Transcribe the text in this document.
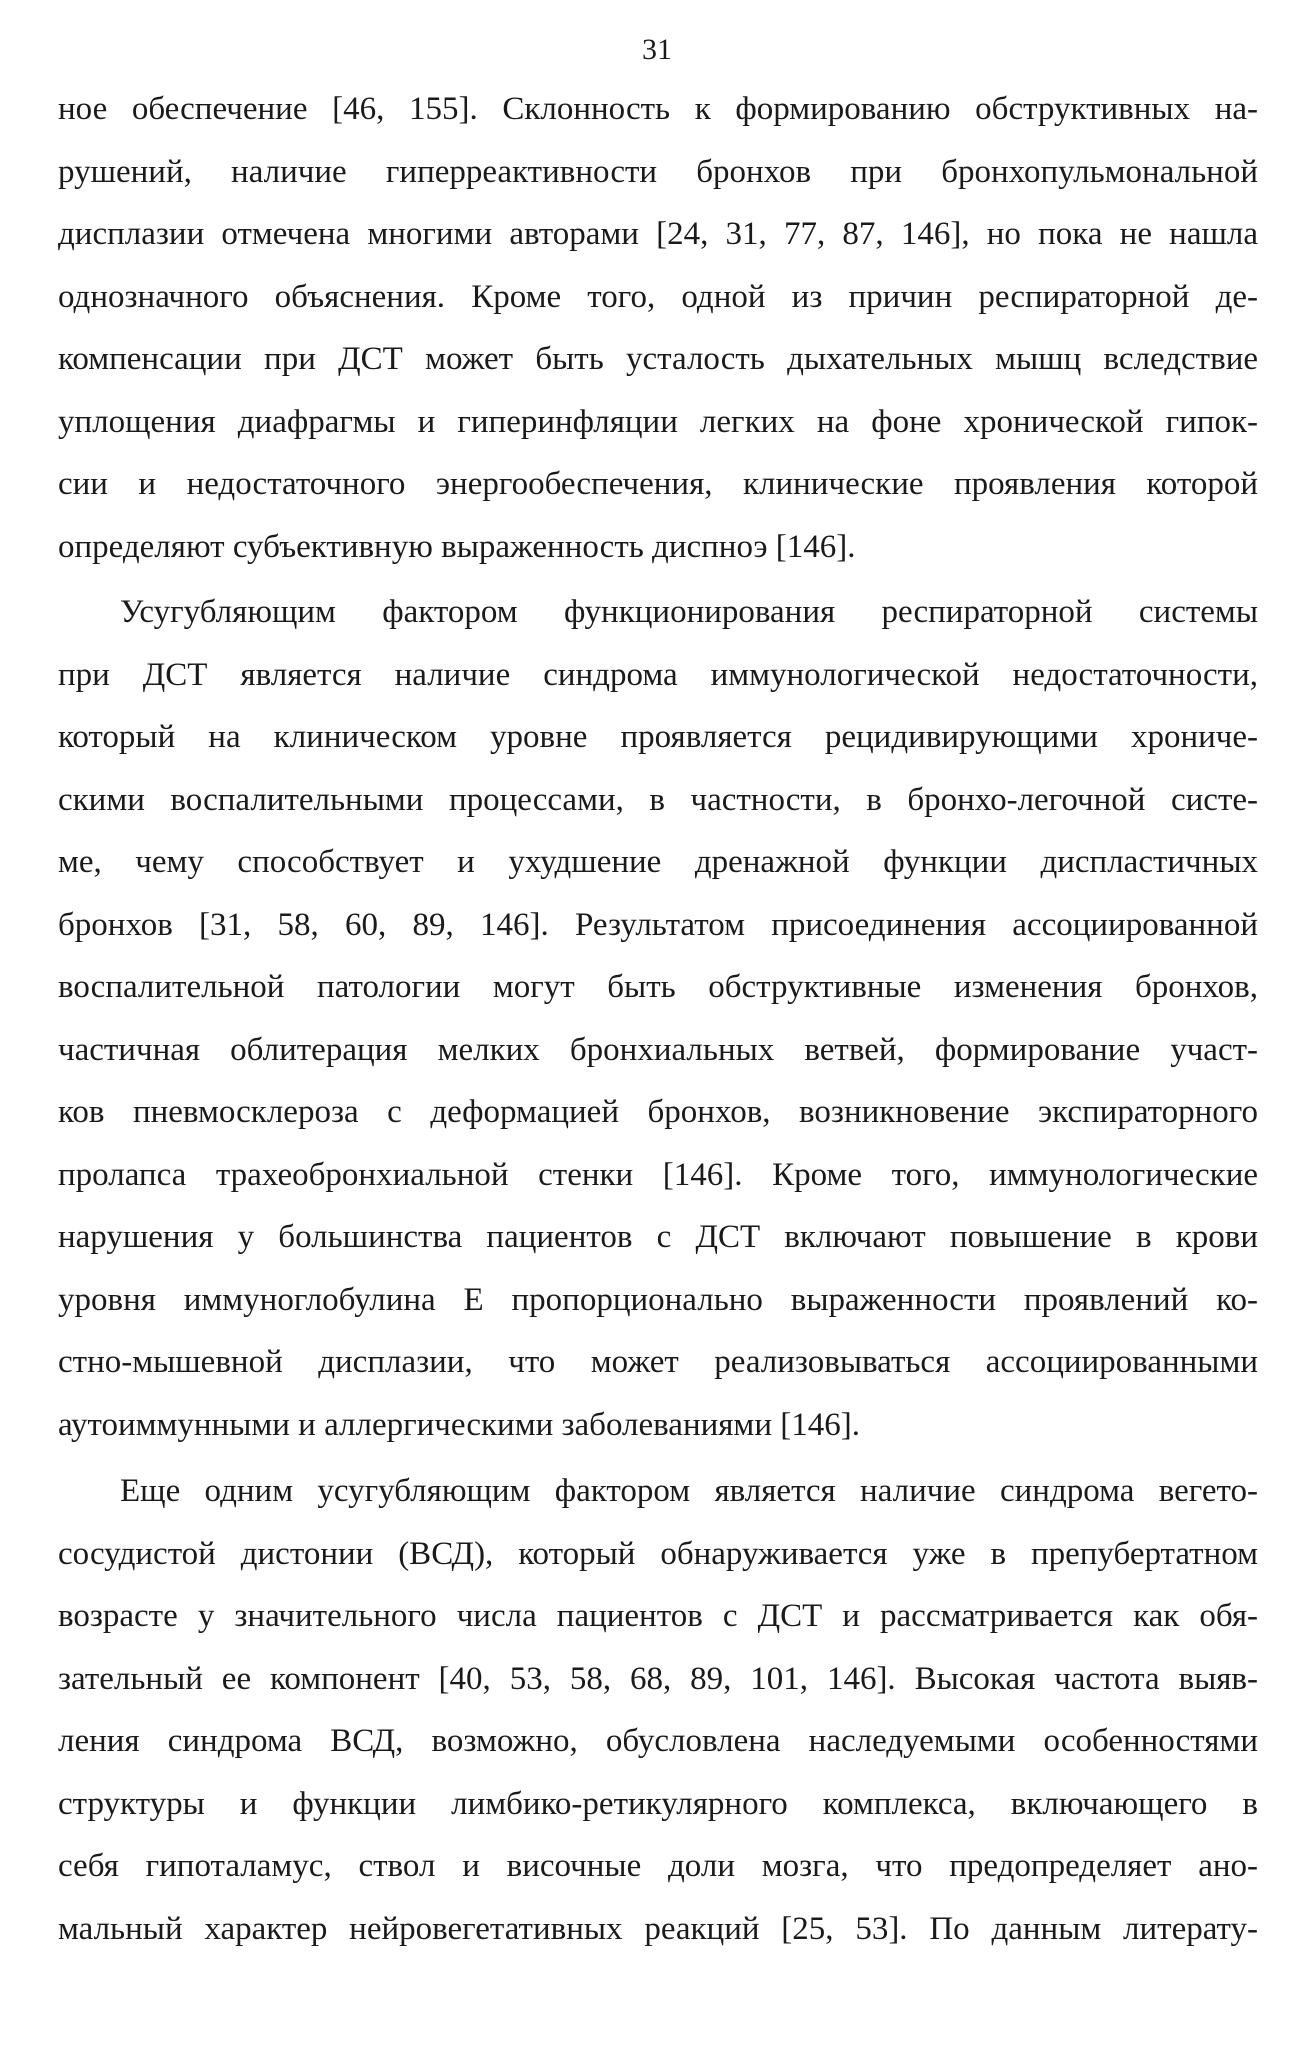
31
ное обеспечение [46, 155]. Склонность к формированию обструктивных на-
рушений, наличие гиперреактивности бронхов при бронхопульмональной
дисплазии отмечена многими авторами [24, 31, 77, 87, 146], но пока не нашла
однозначного объяснения. Кроме того, одной из причин респираторной де-
компенсации при ДСТ может быть усталость дыхательных мышц вследствие
уплощения диафрагмы и гиперинфляции легких на фоне хронической гипок-
сии и недостаточного энергообеспечения, клинические проявления которой
определяют субъективную выраженность диспноэ [146].
Усугубляющим фактором функционирования респираторной системы
при ДСТ является наличие синдрома иммунологической недостаточности,
который на клиническом уровне проявляется рецидивирующими хрониче-
скими воспалительными процессами, в частности, в бронхо-легочной систе-
ме, чему способствует и ухудшение дренажной функции диспластичных
бронхов [31, 58, 60, 89, 146]. Результатом присоединения ассоциированной
воспалительной патологии могут быть обструктивные изменения бронхов,
частичная облитерация мелких бронхиальных ветвей, формирование участ-
ков пневмосклероза с деформацией бронхов, возникновение экспираторного
пролапса трахеобронхиальной стенки [146]. Кроме того, иммунологические
нарушения у большинства пациентов с ДСТ включают повышение в крови
уровня иммуноглобулина Е пропорционально выраженности проявлений ко-
стно-мышевной дисплазии, что может реализовываться ассоциированными
аутоиммунными и аллергическими заболеваниями [146].
Еще одним усугубляющим фактором является наличие синдрома вегето-
сосудистой дистонии (ВСД), который обнаруживается уже в препубертатном
возрасте у значительного числа пациентов с ДСТ и рассматривается как обя-
зательный ее компонент [40, 53, 58, 68, 89, 101, 146]. Высокая частота выяв-
ления синдрома ВСД, возможно, обусловлена наследуемыми особенностями
структуры и функции лимбико-ретикулярного комплекса, включающего в
себя гипоталамус, ствол и височные доли мозга, что предопределяет ано-
мальный характер нейровегетативных реакций [25, 53]. По данным литерату-
